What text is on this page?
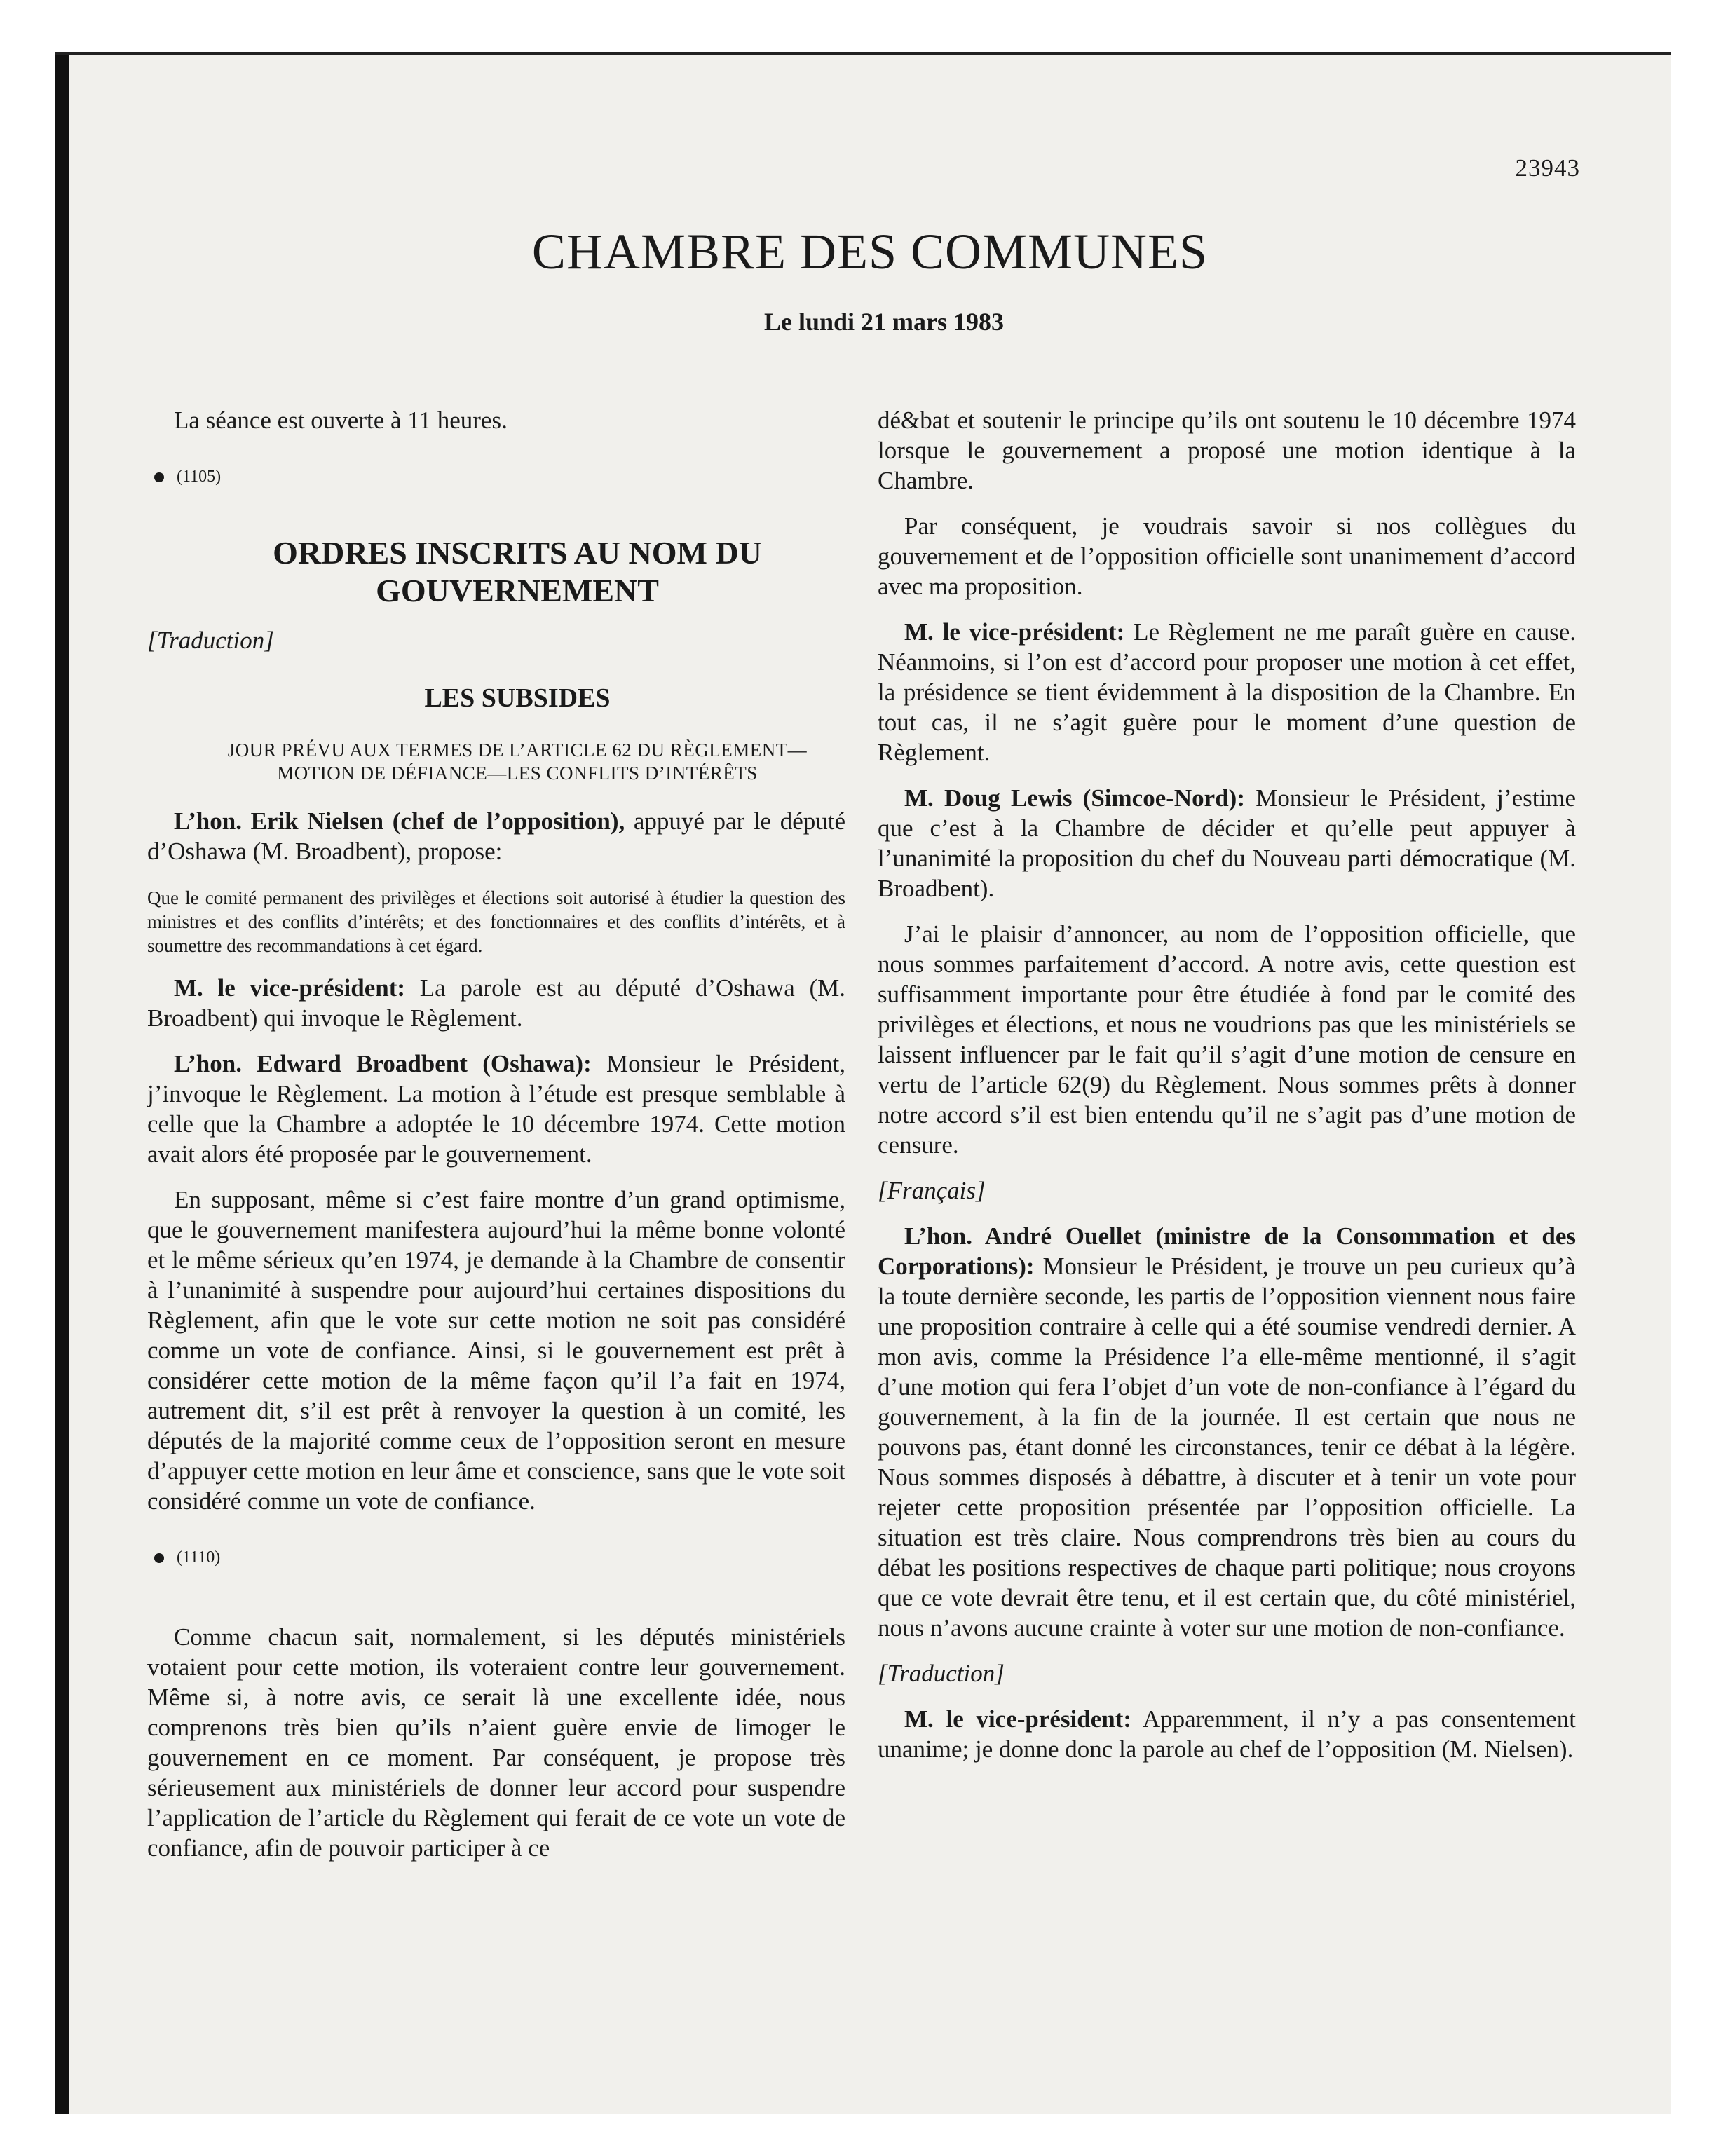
23943
CHAMBRE DES COMMUNES
Le lundi 21 mars 1983

La séance est ouverte à 11 heures.

(1105)
ORDRES INSCRITS AU NOM DU GOUVERNEMENT

[Traduction]

LES SUBSIDES
JOUR PRÉVU AUX TERMES DE L’ARTICLE 62 DU RÈGLEMENT—MOTION DE DÉFIANCE—LES CONFLITS D’INTÉRÊTS

L’hon. Erik Nielsen (chef de l’opposition), appuyé par le député d’Oshawa (M. Broadbent), propose:

Que le comité permanent des privilèges et élections soit autorisé à étudier la question des ministres et des conflits d’intérêts; et des fonctionnaires et des conflits d’intérêts, et à soumettre des recommandations à cet égard.

M. le vice-président: La parole est au député d’Oshawa (M. Broadbent) qui invoque le Règlement.

L’hon. Edward Broadbent (Oshawa): Monsieur le Président, j’invoque le Règlement. La motion à l’étude est presque semblable à celle que la Chambre a adoptée le 10 décembre 1974. Cette motion avait alors été proposée par le gouvernement.

En supposant, même si c’est faire montre d’un grand optimisme, que le gouvernement manifestera aujourd’hui la même bonne volonté et le même sérieux qu’en 1974, je demande à la Chambre de consentir à l’unanimité à suspendre pour aujourd’hui certaines dispositions du Règlement, afin que le vote sur cette motion ne soit pas considéré comme un vote de confiance. Ainsi, si le gouvernement est prêt à considérer cette motion de la même façon qu’il l’a fait en 1974, autrement dit, s’il est prêt à renvoyer la question à un comité, les députés de la majorité comme ceux de l’opposition seront en mesure d’appuyer cette motion en leur âme et conscience, sans que le vote soit considéré comme un vote de confiance.

(1110)

Comme chacun sait, normalement, si les députés ministériels votaient pour cette motion, ils voteraient contre leur gouvernement. Même si, à notre avis, ce serait là une excellente idée, nous comprenons très bien qu’ils n’aient guère envie de limoger le gouvernement en ce moment. Par conséquent, je propose très sérieusement aux ministériels de donner leur accord pour suspendre l’application de l’article du Règlement qui ferait de ce vote un vote de confiance, afin de pouvoir participer à ce

dé&bat et soutenir le principe qu’ils ont soutenu le 10 décembre 1974 lorsque le gouvernement a proposé une motion identique à la Chambre.

Par conséquent, je voudrais savoir si nos collègues du gouvernement et de l’opposition officielle sont unanimement d’accord avec ma proposition.

M. le vice-président: Le Règlement ne me paraît guère en cause. Néanmoins, si l’on est d’accord pour proposer une motion à cet effet, la présidence se tient évidemment à la disposition de la Chambre. En tout cas, il ne s’agit guère pour le moment d’une question de Règlement.

M. Doug Lewis (Simcoe-Nord): Monsieur le Président, j’estime que c’est à la Chambre de décider et qu’elle peut appuyer à l’unanimité la proposition du chef du Nouveau parti démocratique (M. Broadbent).

J’ai le plaisir d’annoncer, au nom de l’opposition officielle, que nous sommes parfaitement d’accord. A notre avis, cette question est suffisamment importante pour être étudiée à fond par le comité des privilèges et élections, et nous ne voudrions pas que les ministériels se laissent influencer par le fait qu’il s’agit d’une motion de censure en vertu de l’article 62(9) du Règlement. Nous sommes prêts à donner notre accord s’il est bien entendu qu’il ne s’agit pas d’une motion de censure.

[Français]

L’hon. André Ouellet (ministre de la Consommation et des Corporations): Monsieur le Président, je trouve un peu curieux qu’à la toute dernière seconde, les partis de l’opposition viennent nous faire une proposition contraire à celle qui a été soumise vendredi dernier. A mon avis, comme la Présidence l’a elle-même mentionné, il s’agit d’une motion qui fera l’objet d’un vote de non-confiance à l’égard du gouvernement, à la fin de la journée. Il est certain que nous ne pouvons pas, étant donné les circonstances, tenir ce débat à la légère. Nous sommes disposés à débattre, à discuter et à tenir un vote pour rejeter cette proposition présentée par l’opposition officielle. La situation est très claire. Nous comprendrons très bien au cours du débat les positions respectives de chaque parti politique; nous croyons que ce vote devrait être tenu, et il est certain que, du côté ministériel, nous n’avons aucune crainte à voter sur une motion de non-confiance.

[Traduction]

M. le vice-président: Apparemment, il n’y a pas consentement unanime; je donne donc la parole au chef de l’opposition (M. Nielsen).
